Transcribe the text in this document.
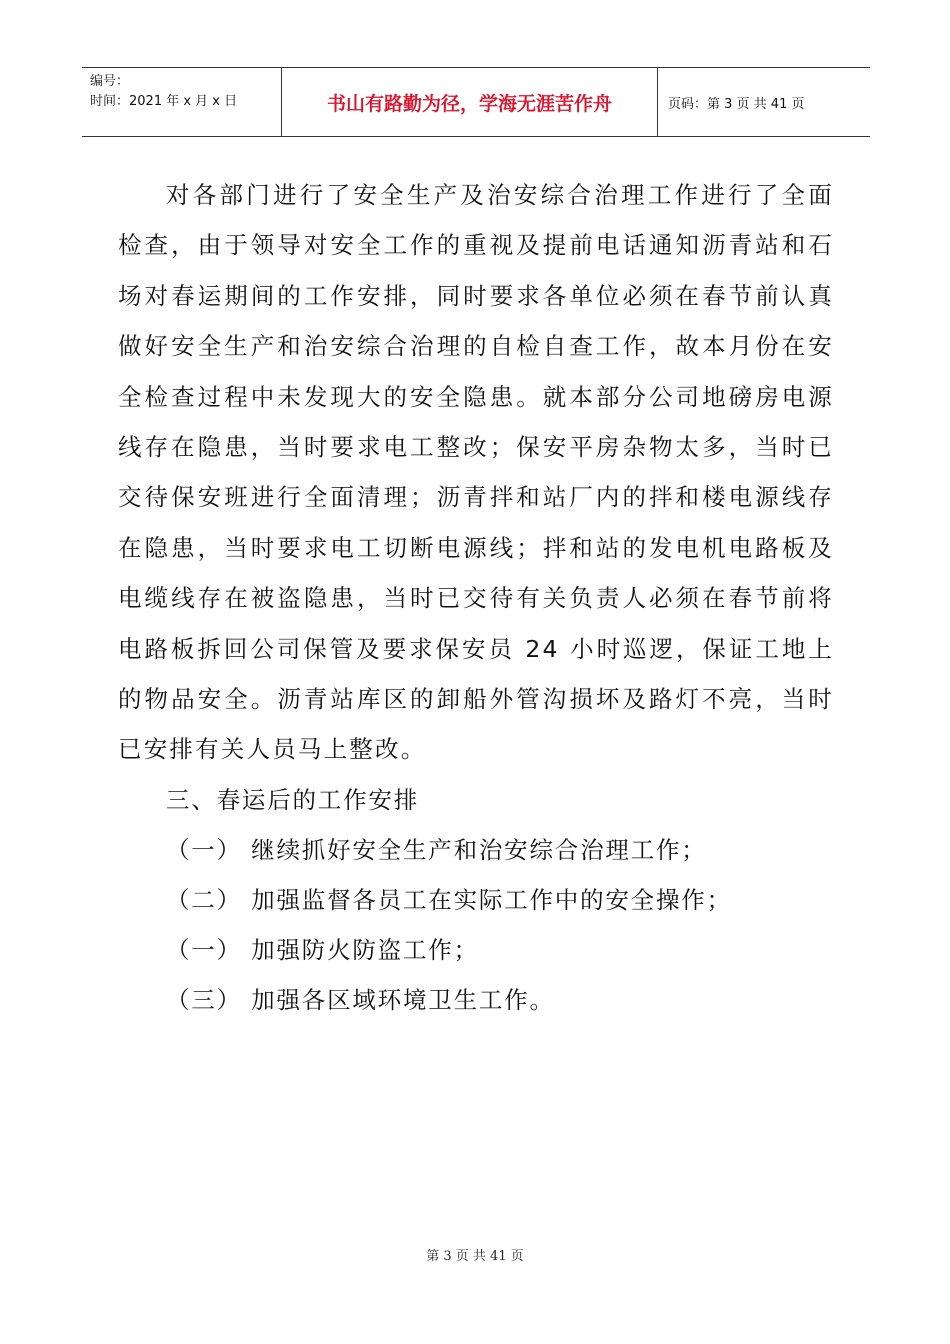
编号：
时间：2021 年 x 月 x 日	书山有路勤为径，学海无涯苦作舟	页码：第 3 页 共 41 页

对各部门进行了安全生产及治安综合治理工作进行了全面检查，由于领导对安全工作的重视及提前电话通知沥青站和石场对春运期间的工作安排，同时要求各单位必须在春节前认真做好安全生产和治安综合治理的自检自查工作，故本月份在安全检查过程中未发现大的安全隐患。就本部分公司地磅房电源线存在隐患，当时要求电工整改；保安平房杂物太多，当时已交待保安班进行全面清理；沥青拌和站厂内的拌和楼电源线存在隐患，当时要求电工切断电源线；拌和站的发电机电路板及电缆线存在被盗隐患，当时已交待有关负责人必须在春节前将电路板拆回公司保管及要求保安员 24 小时巡逻，保证工地上的物品安全。沥青站库区的卸船外管沟损坏及路灯不亮，当时已安排有关人员马上整改。

三、春运后的工作安排

（一） 继续抓好安全生产和治安综合治理工作；

（二） 加强监督各员工在实际工作中的安全操作；

（一） 加强防火防盗工作；

（三） 加强各区域环境卫生工作。

第 3 页 共 41 页
